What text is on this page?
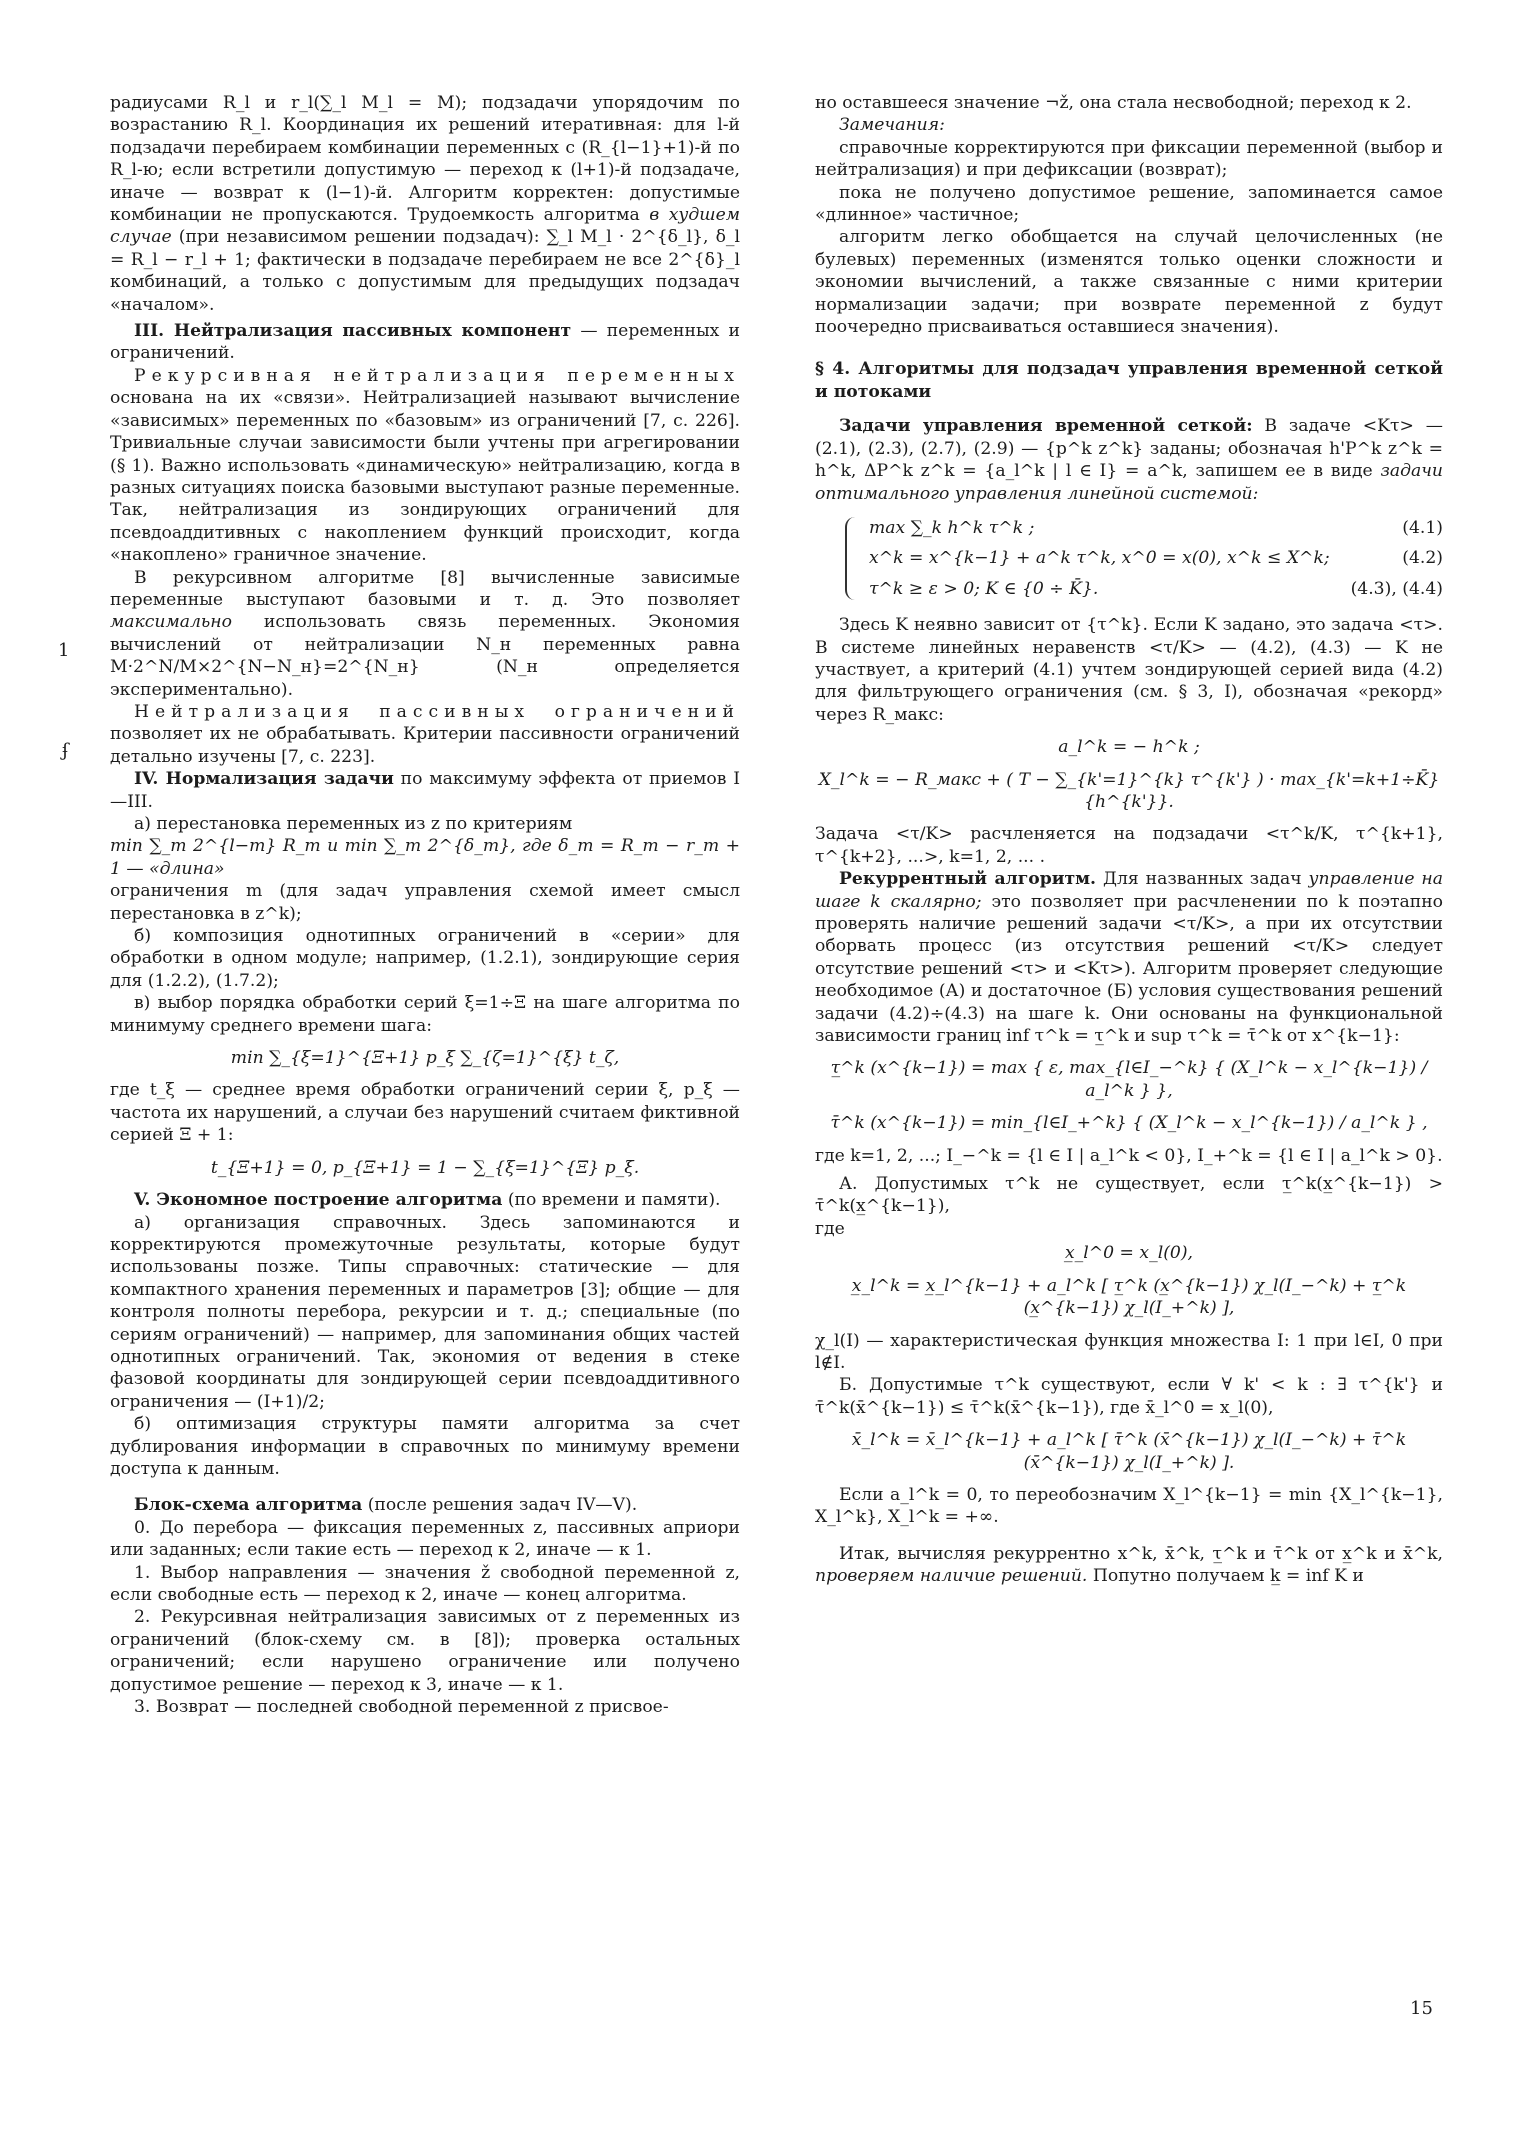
радиусами R_l и r_l(∑_l M_l = M); подзадачи упорядочим по возрастанию R_l. Координация их решений итеративная: для l-й подзадачи перебираем комбинации переменных с (R_{l−1}+1)-й по R_l-ю; если встретили допустимую — переход к (l+1)-й подзадаче, иначе — возврат к (l−1)-й. Алгоритм корректен: допустимые комбинации не пропускаются. Трудоемкость алгоритма в худшем случае (при независимом решении подзадач): ∑_l M_l · 2^{δ_l}, δ_l = R_l − r_l + 1; фактически в подзадаче перебираем не все 2^{δ}_l комбинаций, а только с допустимым для предыдущих подзадач «началом».

III. Нейтрализация пассивных компонент — переменных и ограничений.

Рекурсивная нейтрализация переменных основана на их «связи». Нейтрализацией называют вычисление «зависимых» переменных по «базовым» из ограничений [7, с. 226]. Тривиальные случаи зависимости были учтены при агрегировании (§ 1). Важно использовать «динамическую» нейтрализацию, когда в разных ситуациях поиска базовыми выступают разные переменные. Так, нейтрализация из зондирующих ограничений для псевдоаддитивных с накоплением функций происходит, когда «накоплено» граничное значение.

В рекурсивном алгоритме [8] вычисленные зависимые переменные выступают базовыми и т. д. Это позволяет максимально использовать связь переменных. Экономия вычислений от нейтрализации N_н переменных равна M·2^N/M×2^{N−N_н}=2^{N_н} (N_н определяется экспериментально).

Нейтрализация пассивных ограничений позволяет их не обрабатывать. Критерии пассивности ограничений детально изучены [7, с. 223].

IV. Нормализация задачи по максимуму эффекта от приемов I—III.

а) перестановка переменных из z по критериям

min ∑_m 2^{l−m} R_m и min ∑_m 2^{δ_m}, где δ_m = R_m − r_m + 1 — «длина»

ограничения m (для задач управления схемой имеет смысл перестановка в z^k);

б) композиция однотипных ограничений в «серии» для обработки в одном модуле; например, (1.2.1), зондирующие серия для (1.2.2), (1.7.2);

в) выбор порядка обработки серий ξ=1÷Ξ на шаге алгоритма по минимуму среднего времени шага:

min ∑_{ξ=1}^{Ξ+1} p_ξ ∑_{ζ=1}^{ξ} t_ζ,

где t_ξ — среднее время обработки ограничений серии ξ, p_ξ — частота их нарушений, а случаи без нарушений считаем фиктивной серией Ξ + 1:

t_{Ξ+1} = 0, p_{Ξ+1} = 1 − ∑_{ξ=1}^{Ξ} p_ξ.

V. Экономное построение алгоритма (по времени и памяти).

а) организация справочных. Здесь запоминаются и корректируются промежуточные результаты, которые будут использованы позже. Типы справочных: статические — для компактного хранения переменных и параметров [3]; общие — для контроля полноты перебора, рекурсии и т. д.; специальные (по сериям ограничений) — например, для запоминания общих частей однотипных ограничений. Так, экономия от ведения в стеке фазовой координаты для зондирующей серии псевдоаддитивного ограничения — (I+1)/2;

б) оптимизация структуры памяти алгоритма за счет дублирования информации в справочных по минимуму времени доступа к данным.

Блок-схема алгоритма (после решения задач IV—V).

0. До перебора — фиксация переменных z, пассивных априори или заданных; если такие есть — переход к 2, иначе — к 1.

1. Выбор направления — значения ž свободной переменной z, если свободные есть — переход к 2, иначе — конец алгоритма.

2. Рекурсивная нейтрализация зависимых от z переменных из ограничений (блок-схему см. в [8]); проверка остальных ограничений; если нарушено ограничение или получено допустимое решение — переход к 3, иначе — к 1.

3. Возврат — последней свободной переменной z присвое-

но оставшееся значение ¬ž, она стала несвободной; переход к 2.

Замечания:

справочные корректируются при фиксации переменной (выбор и нейтрализация) и при дефиксации (возврат);

пока не получено допустимое решение, запоминается самое «длинное» частичное;

алгоритм легко обобщается на случай целочисленных (не булевых) переменных (изменятся только оценки сложности и экономии вычислений, а также связанные с ними критерии нормализации задачи; при возврате переменной z будут поочередно присваиваться оставшиеся значения).

§ 4. Алгоритмы для подзадач управления временной сеткой и потоками

Задачи управления временной сеткой: В задаче <Kτ> — (2.1), (2.3), (2.7), (2.9) — {p^k z^k} заданы; обозначая h'P^k z^k = h^k, ΔP^k z^k = {a_l^k | l ∈ I} = a^k, запишем ее в виде задачи оптимального управления линейной системой:

max ∑_k h^k τ^k ;	(4.1)
x^k = x^{k−1} + a^k τ^k, x^0 = x(0), x^k ≤ X^k;	(4.2)
τ^k ≥ ε > 0; K ∈ {0 ÷ K̄}.	(4.3), (4.4)

Здесь K неявно зависит от {τ^k}. Если K задано, это задача <τ>. В системе линейных неравенств <τ/K> — (4.2), (4.3) — K не участвует, а критерий (4.1) учтем зондирующей серией вида (4.2) для фильтрующего ограничения (см. § 3, I), обозначая «рекорд» через R_макс:

a_l^k = − h^k ;

X_l^k = − R_макс + ( T − ∑_{k'=1}^{k} τ^{k'} ) · max_{k'=k+1÷K̄} {h^{k'}}.

Задача <τ/K> расчленяется на подзадачи <τ^k/K, τ^{k+1}, τ^{k+2}, ...>, k=1, 2, ... .

Рекуррентный алгоритм. Для названных задач управление на шаге k скалярно; это позволяет при расчленении по k поэтапно проверять наличие решений задачи <τ/K>, а при их отсутствии оборвать процесс (из отсутствия решений <τ/K> следует отсутствие решений <τ> и <Kτ>). Алгоритм проверяет следующие необходимое (А) и достаточное (Б) условия существования решений задачи (4.2)÷(4.3) на шаге k. Они основаны на функциональной зависимости границ inf τ^k = τ̲^k и sup τ^k = τ̄^k от x^{k−1}:

τ̲^k (x^{k−1}) = max { ε, max_{l∈I_−^k} { (X_l^k − x_l^{k−1}) / a_l^k } },

τ̄^k (x^{k−1}) = min_{l∈I_+^k} { (X_l^k − x_l^{k−1}) / a_l^k } ,

где k=1, 2, ...; I_−^k = {l ∈ I | a_l^k < 0}, I_+^k = {l ∈ I | a_l^k > 0}.

А. Допустимых τ^k не существует, если τ̲^k(x̲^{k−1}) > τ̄^k(x̲^{k−1}),

где

x̲_l^0 = x_l(0),

x̲_l^k = x̲_l^{k−1} + a_l^k [ τ̲^k (x̲^{k−1}) χ_l(I_−^k) + τ̲^k (x̲^{k−1}) χ_l(I_+^k) ],

χ_l(I) — характеристическая функция множества I: 1 при l∈I, 0 при l∉I.

Б. Допустимые τ^k существуют, если ∀ k' < k : ∃ τ^{k'} и τ̄^k(x̄^{k−1}) ≤ τ̄^k(x̄^{k−1}), где x̄_l^0 = x_l(0),

x̄_l^k = x̄_l^{k−1} + a_l^k [ τ̄^k (x̄^{k−1}) χ_l(I_−^k) + τ̄^k (x̄^{k−1}) χ_l(I_+^k) ].

Если a_l^k = 0, то переобозначим X_l^{k−1} = min {X_l^{k−1}, X_l^k}, X_l^k = +∞.

Итак, вычисляя рекуррентно x^k, x̄^k, τ̲^k и τ̄^k от x̲^k и x̄^k, проверяем наличие решений. Попутно получаем k̲ = inf K и

1
ʄ
15
